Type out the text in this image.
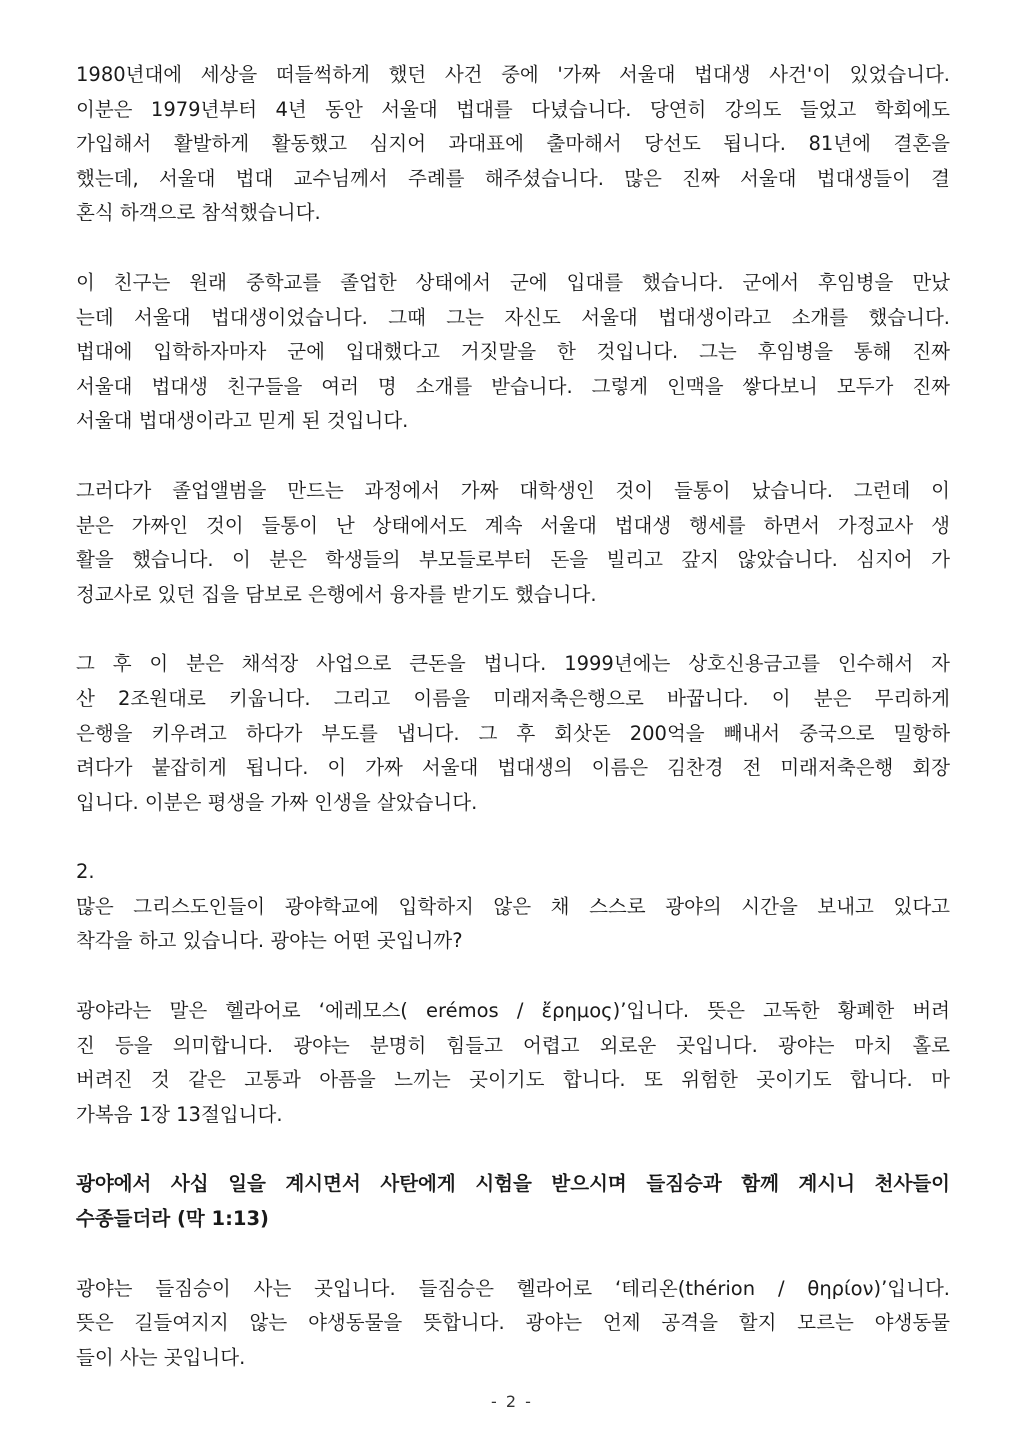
1980년대에 세상을 떠들썩하게 했던 사건 중에 '가짜 서울대 법대생 사건'이 있었습니다.
이분은 1979년부터 4년 동안 서울대 법대를 다녔습니다. 당연히 강의도 들었고 학회에도
가입해서 활발하게 활동했고 심지어 과대표에 출마해서 당선도 됩니다. 81년에 결혼을
했는데, 서울대 법대 교수님께서 주례를 해주셨습니다. 많은 진짜 서울대 법대생들이 결
혼식 하객으로 참석했습니다.

이 친구는 원래 중학교를 졸업한 상태에서 군에 입대를 했습니다. 군에서 후임병을 만났
는데 서울대 법대생이었습니다. 그때 그는 자신도 서울대 법대생이라고 소개를 했습니다.
법대에 입학하자마자 군에 입대했다고 거짓말을 한 것입니다. 그는 후임병을 통해 진짜
서울대 법대생 친구들을 여러 명 소개를 받습니다. 그렇게 인맥을 쌓다보니 모두가 진짜
서울대 법대생이라고 믿게 된 것입니다.

그러다가 졸업앨범을 만드는 과정에서 가짜 대학생인 것이 들통이 났습니다. 그런데 이
분은 가짜인 것이 들통이 난 상태에서도 계속 서울대 법대생 행세를 하면서 가정교사 생
활을 했습니다. 이 분은 학생들의 부모들로부터 돈을 빌리고 갚지 않았습니다. 심지어 가
정교사로 있던 집을 담보로 은행에서 융자를 받기도 했습니다.

그 후 이 분은 채석장 사업으로 큰돈을 법니다. 1999년에는 상호신용금고를 인수해서 자
산 2조원대로 키웁니다. 그리고 이름을 미래저축은행으로 바꿉니다. 이 분은 무리하게
은행을 키우려고 하다가 부도를 냅니다. 그 후 회삿돈 200억을 빼내서 중국으로 밀항하
려다가 붙잡히게 됩니다. 이 가짜 서울대 법대생의 이름은 김찬경 전 미래저축은행 회장
입니다. 이분은 평생을 가짜 인생을 살았습니다.

2.

많은 그리스도인들이 광야학교에 입학하지 않은 채 스스로 광야의 시간을 보내고 있다고
착각을 하고 있습니다. 광야는 어떤 곳입니까?

광야라는 말은 헬라어로 ‘에레모스( erémos / ἔρημος)’입니다. 뜻은 고독한 황폐한 버려
진 등을 의미합니다. 광야는 분명히 힘들고 어렵고 외로운 곳입니다. 광야는 마치 홀로
버려진 것 같은 고통과 아픔을 느끼는 곳이기도 합니다. 또 위험한 곳이기도 합니다. 마
가복음 1장 13절입니다.

광야에서 사십 일을 계시면서 사탄에게 시험을 받으시며 들짐승과 함께 계시니 천사들이
수종들더라 (막 1:13)

광야는 들짐승이 사는 곳입니다. 들짐승은 헬라어로 ‘테리온(thérion / θηρίον)’입니다.
뜻은 길들여지지 않는 야생동물을 뜻합니다. 광야는 언제 공격을 할지 모르는 야생동물
들이 사는 곳입니다.

- 2 -
